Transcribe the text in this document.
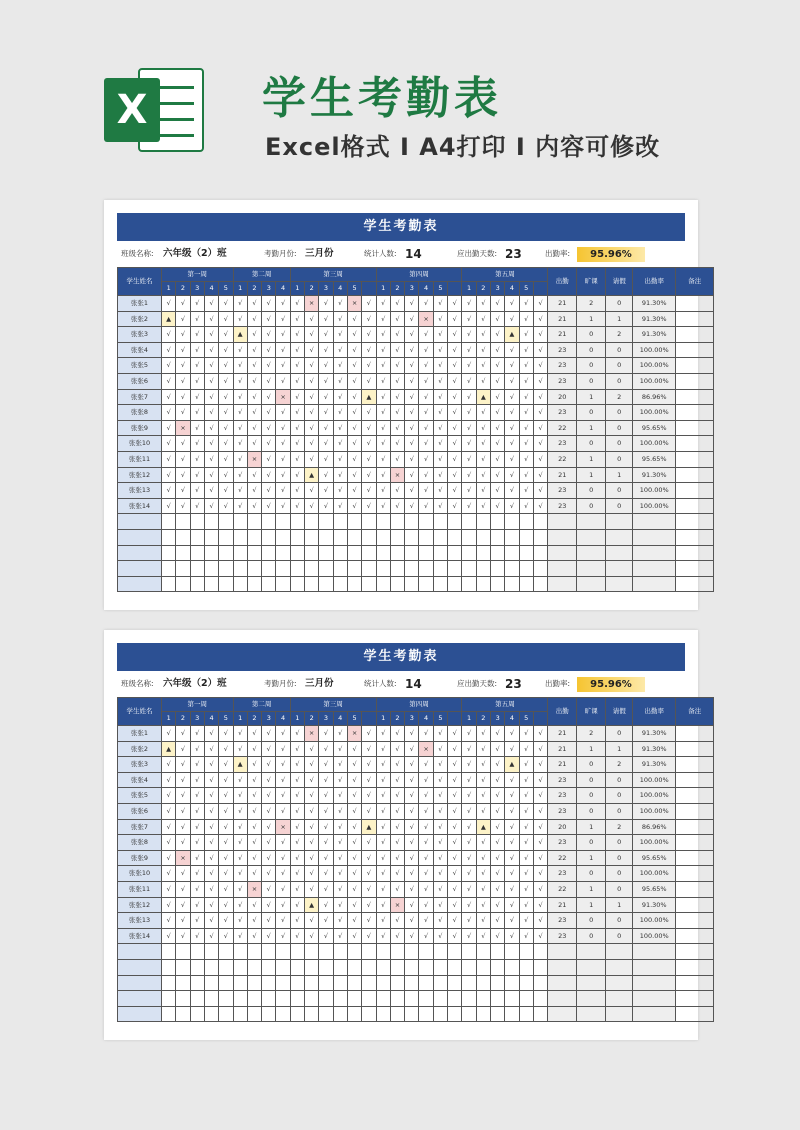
X	学生考勤表
Excel格式 I A4打印 I 内容可修改
学生考勤表
班级名称: 六年级（2）班	考勤月份: 三月份	统计人数: 14	应出勤天数: 23	出勤率:	95.96%
学生姓名	第一周					第二周				第三周						第四周						第五周						出勤	旷课	请假	出勤率	备注
	1	2	3	4	5	1	2	3	4	1	2	3	4	5		1	2	3	4	5		1	2	3	4	5						
张张1	√	√	√	√	√	√	√	√	√	√	×	√	√	×	√	√	√	√	√	√	√	√	√	√	√	√	√	21	2	0	91.30%	
张张2	▲	√	√	√	√	√	√	√	√	√	√	√	√	√	√	√	√	√	×	√	√	√	√	√	√	√	√	21	1	1	91.30%	
张张3	√	√	√	√	√	▲	√	√	√	√	√	√	√	√	√	√	√	√	√	√	√	√	√	√	▲	√	√	21	0	2	91.30%	
张张4	√	√	√	√	√	√	√	√	√	√	√	√	√	√	√	√	√	√	√	√	√	√	√	√	√	√	√	23	0	0	100.00%	
张张5	√	√	√	√	√	√	√	√	√	√	√	√	√	√	√	√	√	√	√	√	√	√	√	√	√	√	√	23	0	0	100.00%	
张张6	√	√	√	√	√	√	√	√	√	√	√	√	√	√	√	√	√	√	√	√	√	√	√	√	√	√	√	23	0	0	100.00%	
张张7	√	√	√	√	√	√	√	√	×	√	√	√	√	√	▲	√	√	√	√	√	√	√	▲	√	√	√	√	20	1	2	86.96%	
张张8	√	√	√	√	√	√	√	√	√	√	√	√	√	√	√	√	√	√	√	√	√	√	√	√	√	√	√	23	0	0	100.00%	
张张9	√	×	√	√	√	√	√	√	√	√	√	√	√	√	√	√	√	√	√	√	√	√	√	√	√	√	√	22	1	0	95.65%	
张张10	√	√	√	√	√	√	√	√	√	√	√	√	√	√	√	√	√	√	√	√	√	√	√	√	√	√	√	23	0	0	100.00%	
张张11	√	√	√	√	√	√	×	√	√	√	√	√	√	√	√	√	√	√	√	√	√	√	√	√	√	√	√	22	1	0	95.65%	
张张12	√	√	√	√	√	√	√	√	√	√	▲	√	√	√	√	√	×	√	√	√	√	√	√	√	√	√	√	21	1	1	91.30%	
张张13	√	√	√	√	√	√	√	√	√	√	√	√	√	√	√	√	√	√	√	√	√	√	√	√	√	√	√	23	0	0	100.00%	
张张14	√	√	√	√	√	√	√	√	√	√	√	√	√	√	√	√	√	√	√	√	√	√	√	√	√	√	√	23	0	0	100.00%	

学生考勤表
班级名称: 六年级（2）班	考勤月份: 三月份	统计人数: 14	应出勤天数: 23	出勤率:	95.96%
学生姓名	第一周					第二周				第三周						第四周						第五周						出勤	旷课	请假	出勤率	备注
	1	2	3	4	5	1	2	3	4	1	2	3	4	5		1	2	3	4	5		1	2	3	4	5						
张张1	√	√	√	√	√	√	√	√	√	√	×	√	√	×	√	√	√	√	√	√	√	√	√	√	√	√	√	21	2	0	91.30%	
张张2	▲	√	√	√	√	√	√	√	√	√	√	√	√	√	√	√	√	√	×	√	√	√	√	√	√	√	√	21	1	1	91.30%	
张张3	√	√	√	√	√	▲	√	√	√	√	√	√	√	√	√	√	√	√	√	√	√	√	√	√	▲	√	√	21	0	2	91.30%	
张张4	√	√	√	√	√	√	√	√	√	√	√	√	√	√	√	√	√	√	√	√	√	√	√	√	√	√	√	23	0	0	100.00%	
张张5	√	√	√	√	√	√	√	√	√	√	√	√	√	√	√	√	√	√	√	√	√	√	√	√	√	√	√	23	0	0	100.00%	
张张6	√	√	√	√	√	√	√	√	√	√	√	√	√	√	√	√	√	√	√	√	√	√	√	√	√	√	√	23	0	0	100.00%	
张张7	√	√	√	√	√	√	√	√	×	√	√	√	√	√	▲	√	√	√	√	√	√	√	▲	√	√	√	√	20	1	2	86.96%	
张张8	√	√	√	√	√	√	√	√	√	√	√	√	√	√	√	√	√	√	√	√	√	√	√	√	√	√	√	23	0	0	100.00%	
张张9	√	×	√	√	√	√	√	√	√	√	√	√	√	√	√	√	√	√	√	√	√	√	√	√	√	√	√	22	1	0	95.65%	
张张10	√	√	√	√	√	√	√	√	√	√	√	√	√	√	√	√	√	√	√	√	√	√	√	√	√	√	√	23	0	0	100.00%	
张张11	√	√	√	√	√	√	×	√	√	√	√	√	√	√	√	√	√	√	√	√	√	√	√	√	√	√	√	22	1	0	95.65%	
张张12	√	√	√	√	√	√	√	√	√	√	▲	√	√	√	√	√	×	√	√	√	√	√	√	√	√	√	√	21	1	1	91.30%	
张张13	√	√	√	√	√	√	√	√	√	√	√	√	√	√	√	√	√	√	√	√	√	√	√	√	√	√	√	23	0	0	100.00%	
张张14	√	√	√	√	√	√	√	√	√	√	√	√	√	√	√	√	√	√	√	√	√	√	√	√	√	√	√	23	0	0	100.00%	
